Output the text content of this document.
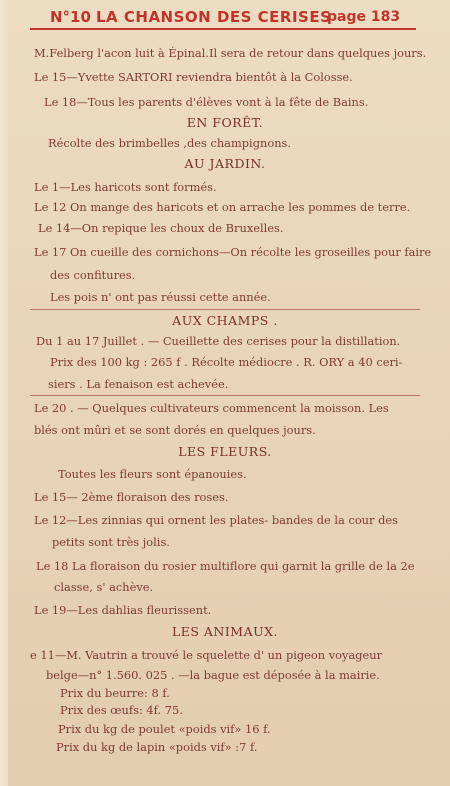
N°10 LA CHANSON DES CERISES
page 183
M.Felberg l'acon luit à Épinal.Il sera de retour dans quelques jours.
Le 15—Yvette SARTORI reviendra bientôt à la Colosse.
Le 18—Tous les parents d'élèves vont à la fête de Bains.
EN FORÊT.
Récolte des brimbelles ,des champignons.
AU JARDIN.
Le 1—Les haricots sont formés.
Le 12 On mange des haricots et on arrache les pommes de terre.
Le 14—On repique les choux de Bruxelles.
Le 17 On cueille des cornichons—On récolte les groseilles pour faire
des confitures.
Les pois n' ont pas réussi cette année.
AUX CHAMPS .
Du 1 au 17 Juillet . — Cueillette des cerises pour la distillation.
Prix des 100 kg : 265 f . Récolte médiocre . R. ORY a 40 ceri-
siers . La fenaison est achevée.
Le 20 . — Quelques cultivateurs commencent la moisson. Les
blés ont mûri et se sont dorés en quelques jours.
LES FLEURS.
Toutes les fleurs sont épanouies.
Le 15— 2ème floraison des roses.
Le 12—Les zinnias qui ornent les plates- bandes de la cour des
petits sont très jolis.
Le 18 La floraison du rosier multiflore qui garnit la grille de la 2e
classe, s' achève.
Le 19—Les dahlias fleurissent.
LES ANIMAUX.
e 11—M. Vautrin a trouvé le squelette d' un pigeon voyageur
belge—n° 1.560. 025 . —la bague est déposée à la mairie.
Prix du beurre: 8 f.
Prix des œufs: 4f. 75.
Prix du kg de poulet «poids vif» 16 f.
Prix du kg de lapin «poids vif» :7 f.
